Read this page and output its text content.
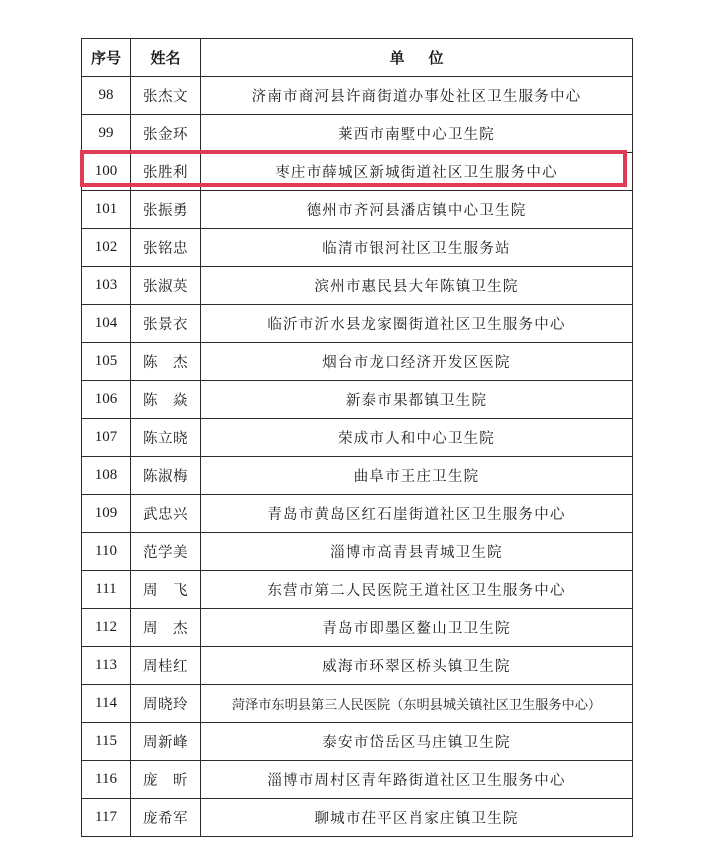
序号	姓名	单位
98	张杰文	济南市商河县许商街道办事处社区卫生服务中心
99	张金环	莱西市南墅中心卫生院
100	张胜利	枣庄市薛城区新城街道社区卫生服务中心
101	张振勇	德州市齐河县潘店镇中心卫生院
102	张铭忠	临清市银河社区卫生服务站
103	张淑英	滨州市惠民县大年陈镇卫生院
104	张景衣	临沂市沂水县龙家圈街道社区卫生服务中心
105	陈　杰	烟台市龙口经济开发区医院
106	陈　焱	新泰市果都镇卫生院
107	陈立晓	荣成市人和中心卫生院
108	陈淑梅	曲阜市王庄卫生院
109	武忠兴	青岛市黄岛区红石崖街道社区卫生服务中心
110	范学美	淄博市高青县青城卫生院
111	周　飞	东营市第二人民医院王道社区卫生服务中心
112	周　杰	青岛市即墨区鳌山卫卫生院
113	周桂红	威海市环翠区桥头镇卫生院
114	周晓玲	菏泽市东明县第三人民医院（东明县城关镇社区卫生服务中心）
115	周新峰	泰安市岱岳区马庄镇卫生院
116	庞　昕	淄博市周村区青年路街道社区卫生服务中心
117	庞希军	聊城市茌平区肖家庄镇卫生院
